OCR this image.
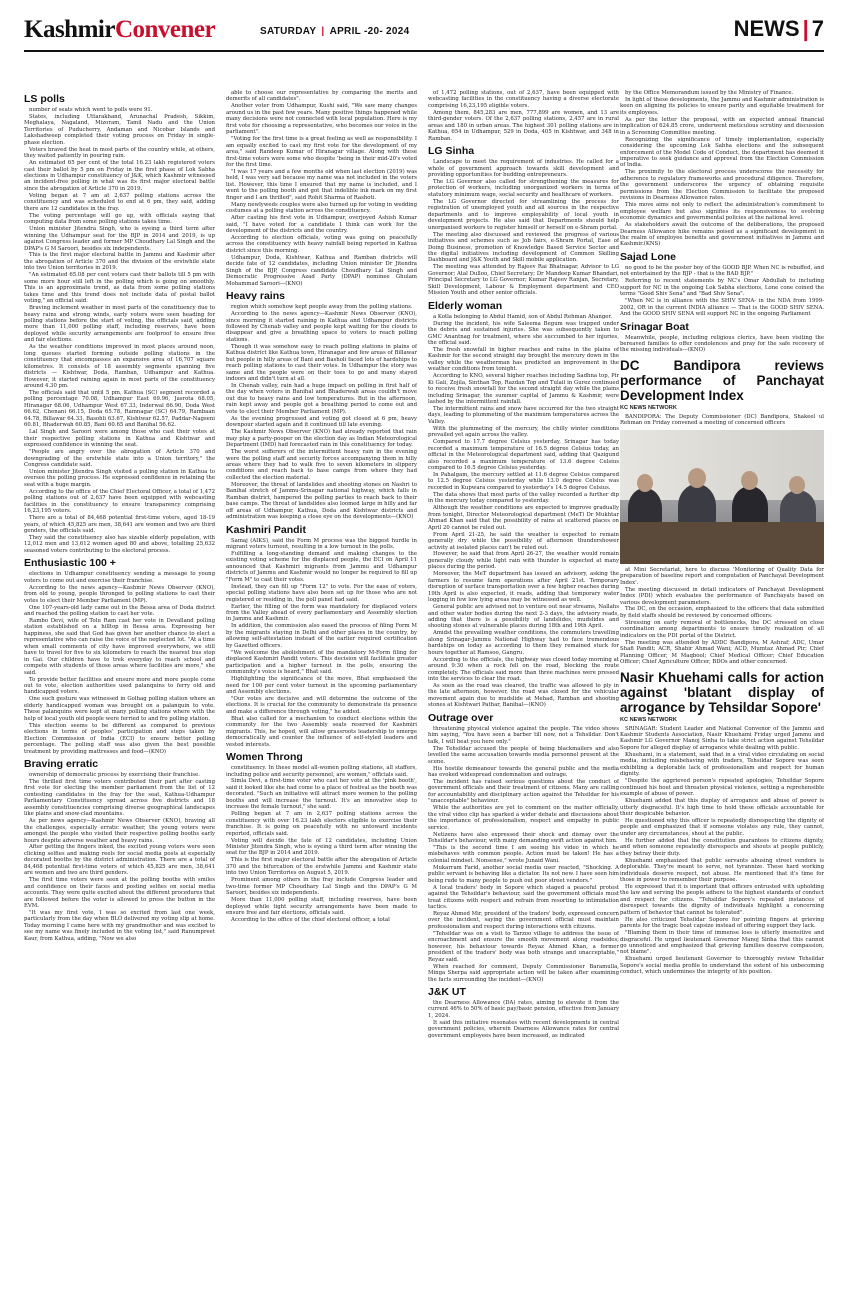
KashmirConvener	SATURDAY | APRIL -20- 2024	NEWS | 7
LS polls

number of seats which went to polls were 91.

States, including Uttarakhand, Arunachal Pradesh, Sikkim, Meghalaya, Nagaland, Mizoram, Tamil Nadu and the Union Territories of Puducherry, Andaman and Nicobar Islands and Lakshadweep completed their voting process on Friday in single-phase election.

Voters braved the heat in most parts of the country while, at others, they waited patiently in pouring rain.

An estimated 65 per cent of the total 16.23 lakh registered voters cast their ballot by 5 pm on Friday in the first phase of Lok Sabha elections in Udhampur constituency of J&K, which Kashmir witnessed an incident-free polling in what was its first major electoral battle since the abrogation of Article 370 in 2019.

Voting began at 7 am at 2,637 polling stations across the constituency and was scheduled to end at 6 pm, they said, adding there are 12 candidates in the fray.

The voting percentage will go up, with officials saying that computing data from some polling stations takes time.

Union minister Jitendra Singh, who is eyeing a third term after winning the Udhampur seat for the BJP in 2014 and 2019, is up against Congress leader and former MP Choudhary Lal Singh and the DPAP's G M Saroori, besides six independents.

This is the first major electoral battle in Jammu and Kashmir after the abrogation of Article 370 and the division of the erstwhile state into two Union territories in 2019.

"An estimated 65.08 per cent voters cast their ballots till 5 pm with some more hour still left in the polling which is going on smoothly. This is an approximate trend, as data from some polling stations takes time and this trend does not include data of postal ballot voting," an official said.

Braving inclement weather in most parts of the constituency due to heavy rains and strong winds, early voters were seen heading for polling stations before the start of voting, the officials said, adding more than 11,000 polling staff, including reserves, have been deployed while security arrangements are foolproof to ensure free and fair elections.

As the weather conditions improved in most places around noon, long queues started forming outside polling stations in the constituency that encompasses an expansive area of 16,707 square kilometres. It consists of 18 assembly segments spanning five districts — Kishtwar, Doda, Ramban, Udhampur and Kathua. However, it started raining again in most parts of the constituency around 4.30 pm.

The officials said that until 5 pm, Kathua (SC) segment recorded a polling percentage 70.08, Udhampur East 69.96, Jasrota 68.05, Hiranagar 68.06, Udhampur West 67.33, Inderwal 66.90, Doda West 66.62, Chenani 66.15, Doda 65.78, Ramnagar (SC) 64.79, Rambaan 64.78, Billawar 64.33, Basohli 63.67, Kishtwar 62.57, Paddar-Nagseni 60.81, Bhaderwah 60.85, Bani 60.65 and Banihal 56.62.

Lal Singh and Saroori were among those who cast their votes at their respective polling stations in Kathua and Kishtwar and expressed confidence in winning the seat.

"People are angry over the abrogation of Article 370 and downgrading of the erstwhile state into a Union territory," the Congress candidate said.

Union minister Jitendra Singh visited a polling station in Kathua to oversee the polling process. He expressed confidence in retaining the seat with a huge margin.

According to the office of the Chief Electoral Officer, a total of 1,472 polling stations out of 2,637 have been equipped with webcasting facilities in the constituency to ensure transparency comprising 16,23,195 voters.

There are a total of 84,468 potential first-time voters, aged 18-19 years, of which 45,825 are men, 38,641 are women and two are third genders, the officials said.

They said the constituency also has sizable elderly population, with 12,012 men and 13,612 women aged 80 and above, totalling 25,632 seasoned voters contributing to the electoral process.

Enthusiastic 100 +

elections in Udhampur constituency sending a message to young voters to come out and exercise their franchise.

According to the news agency—Kashmir News Observer (KNO), from old to young, people thronged to polling stations to cast their votes to elect their Member Parliament (MP).

One 107-years-old lady came out in the Bessa area of Doda district and reached the polling station to cast her vote.

Rambo Devi, wife of Tolu Ram cast her vote in Devalland polling station established on a hilltop in Bessa area. Expressing her happiness, she said that God has given her another chance to elect a representative who can raise the voice of the neglected lot. "At a time when small comments of city have improved everywhere, we still have to travel for five to six kilometers to reach the nearest bus stop in Gai. Our children have to trek everyday to reach school and compete with students of those areas where facilities are more," she said.

To provide better facilities and ensure more and more people come out to vote, election authorities used palanquins to ferry old and handicapped voters.

One such gesture was witnessed in Golhag polling station where an elderly handicapped woman was brought on a palanquin to vote. These palanquins were kept at many polling stations where with the help of local youth old people were ferried to and fro polling station.

This election seems to be different as compared to previous elections in terms of peoples' participation and steps taken by Election Commission of India (ECI) to ensure better polling percentage. The polling staff was also given the best possible treatment by providing mattresses and food—(KNO)

Braving erratic

ownership of democratic process by exercising their franchise.

The thrilled first time voters contributed their part after casting first vote for electing the member parliament from the list of 12 contesting candidates in the fray for the seat, Kathua-Udhampur Parliamentary Constituency spread across five districts and 18 assembly constituencies comprising diverse geographical landscapes like plains and snow-clad mountains.

As per news agency—Kashmir News Observer (KNO), braving all the challenges, especially erratic weather, the young voters were amongst the people who visited their respective polling booths early hours despite adverse weather and heavy rains.

After getting the fingers inked, the excited young voters were seen clicking selfies and making reels for social media posts at especially decorated booths by the district administration. There are a total of 84,468 potential first-time voters of which 45,825 are men, 38,641 are women and two are third genders.

The first time voters were seen at the polling booths with smiles and confidence on their faces and posting selfies on social media accounts. They were quite excited about the different procedures that are followed before the voter is allowed to press the button in the EVM.

"It was my first vote, I was so excited from last one week, particularly from the day when BLO delivered my voting slip at home. Today morning I came here with my grandmother and was excited to see my name was finely included in the voting list," said Ranumpreet Kaur, from Kathua, adding, "Now we also

able to choose our representative by comparing the merits and demerits of all candidates".

Another voter from Udhampur, Kushi said, "We saw many changes around us in the past few years. Many positive things happened while many decisions were not connected with local population. Here is my first vote for choosing a representative, who becomes our voice in the parliament".

"Voting for the first time is a great feeling as well as responsibility. I am equally excited to cast my first vote for the development of my area," said Randeep Kumar of Hiranagar village. Along with these first-time voters were some who despite 'being in their mid-20's voted for the first time.

"I was 17 years and a few months old when last election (2019) was held, I was very sad because my name was not included in the voters list. However, this time I ensured that my name is included, and I went to the polling booth and got that indelible ink mark on my first finger and I am thrilled", said Rohit Sharma of Rashoti.

Many newlyweds couples were also turned up for voting in wedding costumes at a polling station across the constituency.

After casting his first vote in Udhampur, overjoyed Ashish Kumar said, "I have voted for a candidate I think can work for the development of the districts and the country.

According to election officials, voting was going on peacefully across the constituency with heavy rainfall being reported in Kathua district since this morning.

Udhampur, Doda, Kishtwar, Kathua and Ramban districts will decide fate of 12 candidates, including Union minister Dr Jitendra Singh of the BJP, Congress candidate Choudhary Lal Singh and Democratic Progressive Azad Party (DPAP) nominee Ghulam Mohammad Saroori—(KNO)

Heavy rains

region which somehow kept people away from the polling stations.

According to the news agency—Kashmir News Observer (KNO), since morning it started raining in Kathua and Udhampur districts followed by Chenab valley and people kept waiting for the clouds to disappear and give a breathing space to voters to reach polling stations.

Though it was somehow easy to reach polling stations in plains of Kathua district like Kathua town, Hiranagar and few areas of Billawar but people in hilly areas of Bani and Basholi faced lots of hardships to reach polling stations to cast their votes. In Udhampur the story was same and the people were on their toes to go and many stayed indoors and didn't turn at all.

In Chenab valley, rain had a huge impact on polling in first half of the day when voters in Banihal and Bhaderwah areas couldn't move out due to heavy rains and low temperatures. But in the afternoon, rain kept away and people got a breathing period to come out and vote to elect their Member Parliament (MP).

As the evening progressed and voting got closed at 6 pm, heavy downpour started again and it continued till late evening.

The Kashmir News Observer (KNO) had already reported that rain may play a party-pooper on the election day as Indian Meteorological Department (IMD) had forecasted rain in this constituency for today.

The worst sufferers of the intermittent heavy rain in the evening were the polling staff and security forces accompanying them in hilly areas where they had to walk five to seven kilometers in slippery conditions and reach back to base camps from where they had collected the election material.

Moreover, the threat of landslides and shooting stones on Nashri to Banihal stretch of Jammu-Srinagar national highway, which falls in Ramban district, hampered the polling parties to reach back to their base camps. The threat of landslides also loomed large in hilly and far off areas of Udhampur, Kathua, Doda and Kishtwar districts and administration was keeping a close eye on the developments—(KNO)

Kashmiri Pandit

Samaj (AIKS), said the Form M process was the biggest hurdle in migrant voters turnout, resulting in a low turnout in the polls.

Fulfilling a long-standing demand and making changes to the existing voting scheme for the displaced people, the ECI on April 11 announced that Kashmiri migrants from Jammu and Udhampur districts of Jammu and Kashmir would no longer be required to fill up "Form M" to cast their votes.

Instead, they can fill up "Form 12" to vote. For the ease of voters, special polling stations have also been set up for those who are not registered or residing in, the poll panel had said.

Earlier, the filling of the form was mandatory for displaced voters from the Valley ahead of every parliamentary and Assembly election in Jammu and Kashmir.

In addition, the commission also eased the process of filing Form M by the migrants staying in Delhi and other places in the country, by allowing self-attestation instead of the earlier required certification by Gazetted officers.

"We welcome the abolishment of the mandatory M-Form filing for displaced Kashmiri Pandit voters. This decision will facilitate greater participation and a higher turnout in the polls, ensuring the community's voice is heard," Bhat said.

Highlighting the significance of the move, Bhat emphasised the need for 100 per cent voter turnout in the upcoming parliamentary and Assembly elections.

"Our votes are decisive and will determine the outcome of the elections. It is crucial for the community to demonstrate its presence and make a difference through voting," he added.

Bhat also called for a mechanism to conduct elections within the community for the two Assembly seats reserved for Kashmiri migrants. This, he hoped, will allow grassroots leadership to emerge democratically and counter the influence of self-styled leaders and vested interests.

Women Throng

constituency. In these model all-women polling stations, all staffers, including police and security personnel, are women," officials said.

Simla Devi, a first-time voter who cast her vote at the 'pink booth', said it looked like she had come to a place of festival as the booth was decorated. "Such an initiative will attract more women to the polling booths and will increase the turnout. It's an innovative step to increase the female turnout," she said.

Polling began at 7 am in 2,637 polling stations across the constituency with over 16.23 lakh electors eligible to exercise their franchise. It is going on peacefully with no untoward incidents reported, officials said.

Voting will decide the fate of 12 candidates, including Union Minister Jitendra Singh, who is eyeing a third term after winning the seat for the BJP in 2014 and 2019.

This is the first major electoral battle after the abrogation of Article 370 and the bifurcation of the erstwhile Jammu and Kashmir state into two Union Territories on August 5, 2019.

Prominent among others in the fray include Congress leader and two-time former MP Choudhary Lal Singh and the DPAP's G M Saroori, besides six independents.

More than 11,000 polling staff, including reserves, have been deployed while tight security arrangements have been made to ensure free and fair elections, officials said.

According to the office of the chief electoral officer, a total

of 1,472 polling stations, out of 2,637, have been equipped with webcasting facilities in the constituency having a diverse electorate comprising 16,23,195 eligible voters.

Among them, 845,283 are men, 777,899 are women, and 13 are third-gender voters. Of the 2,637 polling stations, 2,457 are in rural areas and 180 in urban areas. The highest 301 polling stations are in Kathua, 654 in Udhampur, 529 in Doda, 405 in Kishtwar, and 348 in Ramban.

LG Sinha

Landscape to meet the requirement of industries. He called for a whole of government approach towards skill development and providing opportunities for budding entrepreneurs.

The LG Governor also called for strengthening the measures for protection of workers, including unorganized workers in terms of statutory minimum wage, social security and healthcare of workers.

The LG Governor directed for streamlining the process for registration of unemployed youth and all sources in the respective departments and to improve employability of local youth in development projects. He also said that Departments should help unorganised workers to register himself or herself on e-Shram portal.

The meeting also discussed and reviewed the progress of various initiatives and schemes such as Job fairs, e-Shram Portal, Ease of Doing Business, promotion of Knowledge Based Service Sector and the digital initiatives including development of Common Skilling Dashboard and J&K Youth and Skill mobile application.

The meeting was attended by Rajeev Rai Bhatnagar, Advisor to LG Governor; Atal Dulloo, Chief Secretary; Dr Mandeep Kumar Bhandari, Principal Secretary to LG Governor; Kumar Rajeev Ranjan, Secretary, Skill Development, Labour & Employment department and CEO Mission Youth and other senior officials.

Elderly woman

a Kotla belonging to Abdul Hamid, son of Abdul Rehman Ahanger.

During the incident, his wife Saleema Begum was trapped under the debris and sustained injuries. She was subsequently taken to GMC Anantnag for treatment, where she succumbed to her injuries, the official said.

The fresh snowfall in higher reaches and rains in the plains of Kashmir for the second straight day brought the mercury down in the valley while the weatherman has predicted an improvement in the weather conditions from tonight.

According to KNO, several higher reaches including Sadhna top, Pir Ki Gali, Zojila, Sinthan Top, Razdan Top and Tulail in Gurez continued to receive fresh snowfall for the second straight day while the plains including Srinagar, the summer capital of Jammu & Kashmir, were lashed by the intermittent rainfall.

The intermittent rains and snow have occurred for the two straight days, leading to plummeting of the maximum temperatures across the Valley.

With the plummeting of the mercury, the chilly winter conditions prevailed yet again across the valley.

Compared to 17.7 degree Celsius yesterday, Srinagar has today recorded a maximum temperature of 16.5 degree Celsius today, an official in the Meteorological department said, adding that Qazigund also recorded a maximum temperature of 13.6 degree Celsius compared to 16.5 degree Celsius yesterday.

In Pahalgam, the mercury settled at 11.6 degree Celsius compared to 12.5 degree Celsius yesterday while 13.0 degree Celsius was recorded in Kupwara compared to yesterday's 14.5 degree Celsius.

The data shows that most parts of the valley recorded a further dip in the mercury today compared to yesterday.

Although the weather conditions are expected to improve gradually from tonight, Director Meteorological department (MeT) Dr Mukhtar Ahmad Khan said that the possibility of rains at scattered places on April 20 cannot be ruled out.

From April 21-25, he said the weather is expected to remain generally dry while the possibility of afternoon thundershower activity at isolated places can't be ruled out.

However, he said that from April 26-27, the weather would remain generally cloudy while light rain with thunder is expected at many places during the period.

Moreover, the MeT department has issued an advisory, asking the farmers to resume farm operations after April 21st. Temporary disruption of surface transportation over a few higher reaches during 19th April is also expected, it reads, adding that temporary water logging in few low lying areas may be witnessed as well.

General public are advised not to venture out near streams, Nallahs and other water bodies during the next 2-3 days, the advisory reads, adding that there is a possibility of landslides, mudslides and shooting stones at vulnerable places during 18th and 19th April.

Amidst the prevailing weather conditions, the commuters travelling along Srinagar-Jammu National Highway had to face tremendous hardships on today as according to them they remained stuck for hours together at Ramsoo, Gangru.

According to the officials, the highway was closed today morning at around 9:30 when a rock fell on the road, blocking the route completely. The officials said more than three machines were pressed into the services to clear the road.

As soon as the road was cleared, the traffic was allowed to ply in the late afternoon, however, the road was closed for the vehicular movement again due to mudslide at Mehad, Ramban and shooting stones at Kishtwari Pathar, Banihal—(KNO)

Outrage over

threatening physical violence against the people. The video shows him saying, "You have seen a barber till now, not a Tehsildar. Don't talk, I will beat you here only."

The Tehsildar accused the people of being blackmailers and also levelled the same accusation towards media personnel present at the scene.

His hostile demeanour towards the general public and the media has evoked widespread condemnation and outrage.

The incident has raised serious questions about the conduct of government officials and their treatment of citizens. Many are calling for accountability and disciplinary action against the Tehsildar for his "unacceptable" behaviour.

While the authorities are yet to comment on the matter officially, the viral video clip has sparked a wider debate and discussions about the importance of professionalism, respect and empathy in public service.

Netizens have also expressed their shock and dismay over the Tehsildar's behaviour, with many demanding swift action against him.

"This is the second time I am seeing his video in which he misbehaves with common people. Action must be taken! He has a colonial mindset. Nonsense," wrote Junaid Wani.

Mukarram Farid, another social media user reacted, "Shocking. A public servant is behaving like a dictator. Its not new. I have seen him being rude to many people to push out poor street vendors."

A local traders' body in Sopore which staged a peaceful protest against the Tehsildar's behaviour, said the government officials must treat citizens with respect and refrain from resorting to intimidation tactics.

Reyaz Ahmed Mir, president of the traders' body, expressed concern over the incident, saying the government official must maintain professionalism and respect during interactions with citizens.

"Tehsildar was on a visit to Tarzoo village to address the issue of encroachment and ensure the smooth movement along roadsides; however, his behaviour towards Reyaz Ahmed Khan, a former president of the traders' body was both strange and unacceptable," Reyaz said.

When reached for comment, Deputy Commissioner Baramulla, Minga Sherpa said appropriate action will be taken after examining the facts surrounding the incident—(KNO)

J&K UT

the Dearness Allowance (DA) rates, aiming to elevate it from the current 46% to 50% of basic pay/basic pension, effective from January 1, 2024.

It said this initiative resonates with recent developments in central government policies, wherein Dearness Allowance rates for central government employees have been increased, as indicated

by the Office Memorandum issued by the Ministry of Finance.

In light of these developments, the Jammu and Kashmir administration is keen on aligning its policies to ensure parity and equitable treatment for its employees.

As per the letter the proposal, with an expected annual financial implication of 624.85 crore, underwent meticulous scrutiny and discussion in a Screening Committee meeting.

Recognizing the significance of timely implementation, especially considering the upcoming Lok Sabha elections and the subsequent enforcement of the Model Code of Conduct, the department has deemed it imperative to seek guidance and approval from the Election Commission of India.

The proximity to the electoral process underscores the necessity for adherence to regulatory frameworks and procedural diligence. Therefore, the government underscores the urgency of obtaining requisite permissions from the Election Commission to facilitate the proposed revisions in Dearness Allowance rates.

This move aims not only to reflect the administration's commitment to employee welfare but also signifies its responsiveness to evolving economic dynamics and governmental policies at the national level.

As stakeholders await the outcome of the deliberations, the proposed Dearness Allowance hike remains poised as a significant development in the realm of employee benefits and government initiatives in Jammu and Kashmir.(KNS)

Sajad Lone

no good to be the poster boy of the GOOD BJP. When NC is rebuffed, and not entertained by the BJP - that is the BAD BJP."

Referring to recent statements by NC's Omar Abdullah to including support for NC in the ongoing Lok Sabha elections, Lone cone coined the terms "Good Shiv Sena" and "Bad Shiv Sena".

"When NC is in alliance with the SHIV SENA- in the NDA from 1999-2002, OR in the current INDIA alliance — That is the GOOD SHIV SENA. And the GOOD SHIV SENA will support NC in the ongoing Parliament

Srinagar Boat

Meanwhile, people, including religious clerics, have been visiting the bereaved families to offer condolences and pray for the safe recovery of the missing individuals—(KNO)

DC Bandipora reviews performance of Panchayat Development Index
KC NEWS NETWORK

BANDIPORA: The Deputy Commissioner (DC) Bandipora, Shakeel ul Rehman on Friday convened a meeting of concerned officers

at Mini Secretariat, here to discuss 'Monitoring of Quality Data for preparation of baseline report and computation of Panchayat Development Index'.

The meeting discussed in detail indicators of Panchayat Development Index (PDI) which evaluates the performance of Panchayats based on various development parameters.

The DC, on the occasion, emphasized to the officers that data submitted by field staffs should be reviewed by concerned officers.

Stressing on early removal of bottlenecks, the DC stressed on close coordination among departments to ensure timely realization of all indicators on the PDI portal of the District.

The meeting was attended by ADDC Bandipora, M Ashraf; ADC, Umar Shafi Pandit; ACR, Shabir Ahmad Wani; ACD, Mumtaz Ahmad Pir; Chief Planning Officer, M Maqbool; Chief Medical Officer; Chief Education Officer; Chief Agriculture Officer, BDOs and other concerned.

Nasir Khuehami calls for action against 'blatant display of arrogance by Tehsildar Sopore'
KC NEWS NETWORK

SRINAGAR: Student Leader and National Convenor of the Jammu and Kashmir Students Association, Nasir Khuehami Friday urged Jammu and Kashmir LG Governor Manoj Sinha to take strict action against Tehsildar Sopore for alleged display of arrogance while dealing with public.

Khuehami, in a statement, said that in a viral video circulating on social media, including misbehaving with traders, Tehsildar Sopore was seen exhibiting a deplorable lack of professionalism and respect for human dignity.

"Despite the aggrieved person's repeated apologies, Tehsildar Sopore continued his bout and threaten physical violence, setting a reprehensible example of abuse of power.

Khuehami added that this display of arrogance and abuse of power is utterly disgraceful. It's high time to hold these officials accountable for their despicable behavior.

He questioned why this officer is repeatedly disrespecting the dignity of people and emphasized that if someone violates any rule, they cannot, under any circumstances, shout at the public.

He further added that the constitution guarantees to citizens dignity, and when someone repeatedly disrespects and shouts at people publicly, they betray their duty.

Khuehami emphasized that public servants abusing street vendors is deplorable. They're meant to serve, not tyrannize. These hard working individuals deserve respect, not abuse. He mentioned that it's time for those in power to remember their purpose.

He expressed that it is important that officers entrusted with upholding the law and serving the people adhere to the highest standards of conduct and respect for citizens. "Tehsildar Sopore's repeated instances of disrespect towards the dignity of individuals highlight a concerning pattern of behavior that cannot be tolerated".

He also criticized Tehsildar Sopore for pointing fingers at grieving parents for the tragic boat capsize instead of offering support they lack.

"Blaming them in their time of immense loss is utterly insensitive and disgraceful. He urged lieutenant Governor Manoj Sinha that this cannot go unnoticed and emphasized that grieving families deserve compassion, not blame".

Khuehami urged lieutenant Governor to thoroughly review Tehsildar Sopore's social media profile to understand the extent of his unbecoming conduct, which undermines the integrity of his position.
